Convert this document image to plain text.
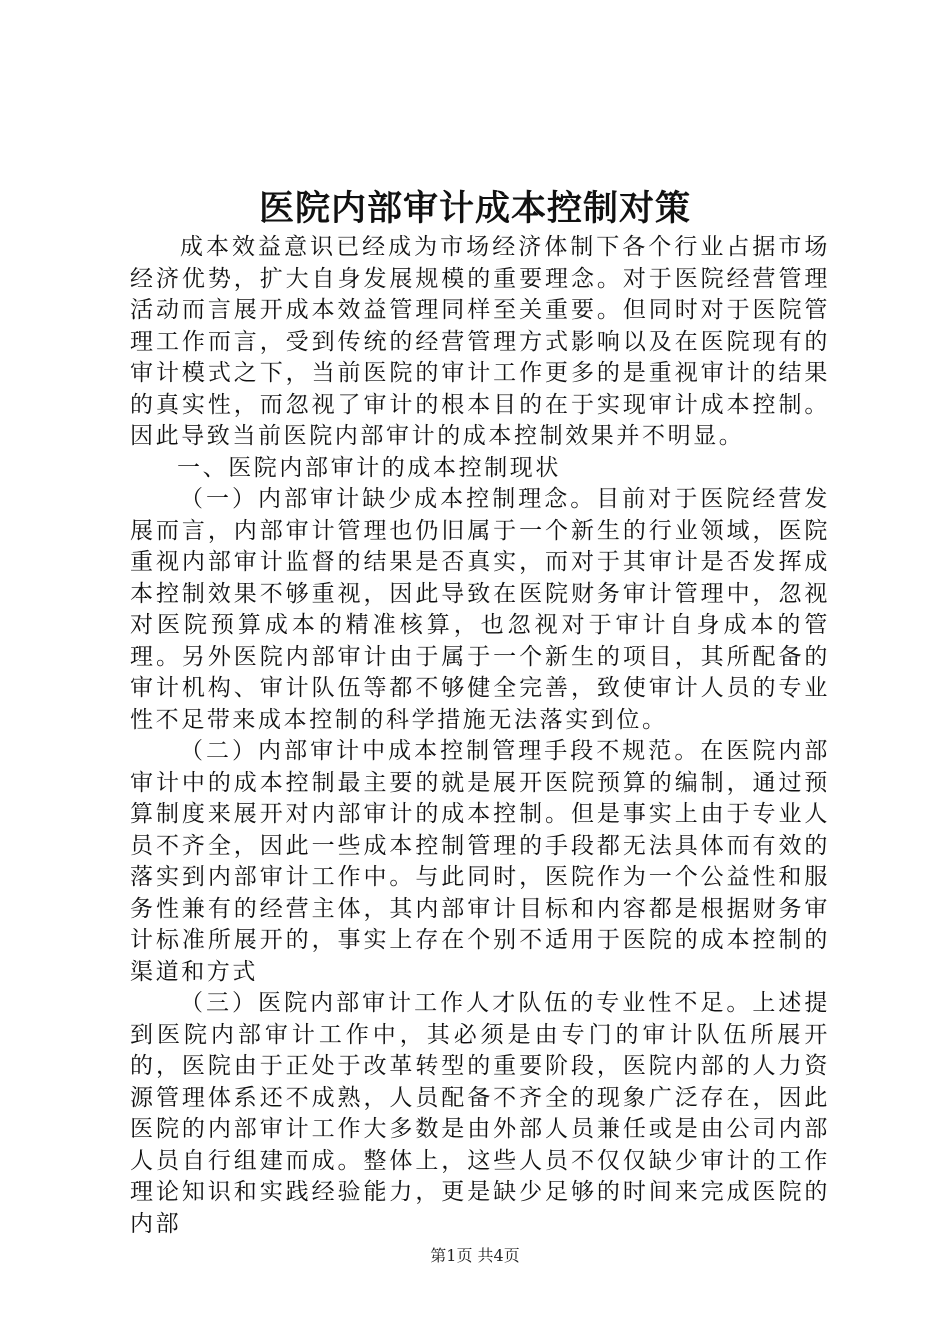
医院内部审计成本控制对策

成本效益意识已经成为市场经济体制下各个行业占据市场经济优势，扩大自身发展规模的重要理念。对于医院经营管理活动而言展开成本效益管理同样至关重要。但同时对于医院管理工作而言，受到传统的经营管理方式影响以及在医院现有的审计模式之下，当前医院的审计工作更多的是重视审计的结果的真实性，而忽视了审计的根本目的在于实现审计成本控制。因此导致当前医院内部审计的成本控制效果并不明显。

一、医院内部审计的成本控制现状

（一）内部审计缺少成本控制理念。目前对于医院经营发展而言，内部审计管理也仍旧属于一个新生的行业领域，医院重视内部审计监督的结果是否真实，而对于其审计是否发挥成本控制效果不够重视，因此导致在医院财务审计管理中，忽视对医院预算成本的精准核算，也忽视对于审计自身成本的管理。另外医院内部审计由于属于一个新生的项目，其所配备的审计机构、审计队伍等都不够健全完善，致使审计人员的专业性不足带来成本控制的科学措施无法落实到位。

（二）内部审计中成本控制管理手段不规范。在医院内部审计中的成本控制最主要的就是展开医院预算的编制，通过预算制度来展开对内部审计的成本控制。但是事实上由于专业人员不齐全，因此一些成本控制管理的手段都无法具体而有效的落实到内部审计工作中。与此同时，医院作为一个公益性和服务性兼有的经营主体，其内部审计目标和内容都是根据财务审计标准所展开的，事实上存在个别不适用于医院的成本控制的渠道和方式

（三）医院内部审计工作人才队伍的专业性不足。上述提到医院内部审计工作中，其必须是由专门的审计队伍所展开的，医院由于正处于改革转型的重要阶段，医院内部的人力资源管理体系还不成熟，人员配备不齐全的现象广泛存在，因此医院的内部审计工作大多数是由外部人员兼任或是由公司内部人员自行组建而成。整体上，这些人员不仅仅缺少审计的工作理论知识和实践经验能力，更是缺少足够的时间来完成医院的内部

第1页 共4页
